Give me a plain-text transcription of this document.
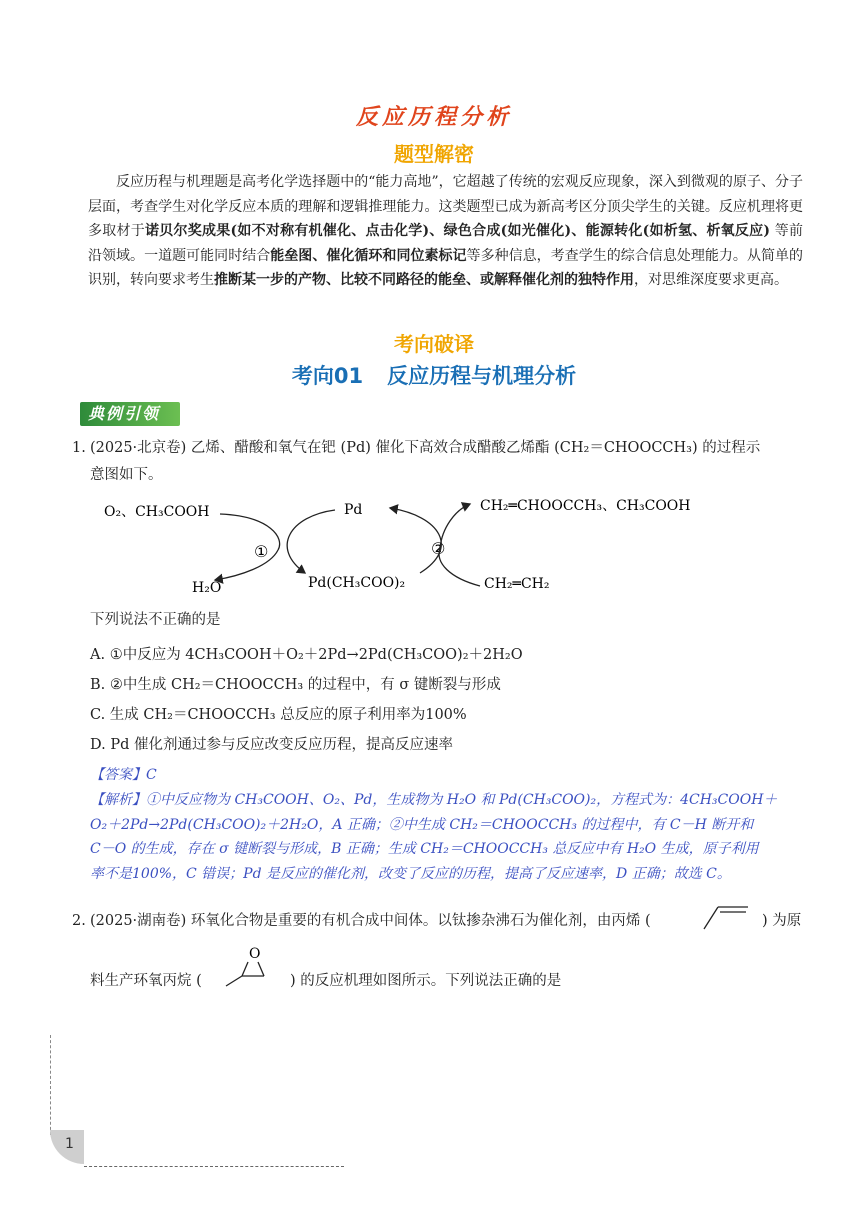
反应历程分析
题型解密
反应历程与机理题是高考化学选择题中的“能力高地”，它超越了传统的宏观反应现象，深入到微观的原子、分子层面，考查学生对化学反应本质的理解和逻辑推理能力。这类题型已成为新高考区分顶尖学生的关键。反应机理将更多取材于诺贝尔奖成果(如不对称有机催化、点击化学)、绿色合成(如光催化)、能源转化(如析氢、析氧反应) 等前沿领域。一道题可能同时结合能垒图、催化循环和同位素标记等多种信息，考查学生的综合信息处理能力。从简单的识别，转向要求考生推断某一步的产物、比较不同路径的能垒、或解释催化剂的独特作用，对思维深度要求更高。
考向破译
考向01 反应历程与机理分析
典例引领
1. (2025·北京卷) 乙烯、醋酸和氧气在钯 (Pd) 催化下高效合成醋酸乙烯酯 (CH₂＝CHOOCCH₃) 的过程示
意图如下。
O₂、CH₃COOH
H₂O
Pd
Pd(CH₃COO)₂
CH₂═CHOOCCH₃、CH₃COOH
CH₂═CH₂
①	②
下列说法不正确的是
A. ①中反应为 4CH₃COOH＋O₂＋2Pd→2Pd(CH₃COO)₂＋2H₂O
B. ②中生成 CH₂＝CHOOCCH₃ 的过程中，有 σ 键断裂与形成
C. 生成 CH₂＝CHOOCCH₃ 总反应的原子利用率为100%
D. Pd 催化剂通过参与反应改变反应历程，提高反应速率
【答案】C
【解析】①中反应物为 CH₃COOH、O₂、Pd，生成物为 H₂O 和 Pd(CH₃COO)₂，方程式为：4CH₃COOH＋
O₂＋2Pd→2Pd(CH₃COO)₂＋2H₂O，A 正确；②中生成 CH₂＝CHOOCCH₃ 的过程中，有 C－H 断开和
C－O 的生成，存在 σ 键断裂与形成，B 正确；生成 CH₂＝CHOOCCH₃ 总反应中有 H₂O 生成，原子利用
率不是100%，C 错误；Pd 是反应的催化剂，改变了反应的历程，提高了反应速率，D 正确；故选 C。
2. (2025·湖南卷) 环氧化合物是重要的有机合成中间体。以钛掺杂沸石为催化剂，由丙烯 (	) 为原
料生产环氧丙烷 (
O
) 的反应机理如图所示。下列说法正确的是
1
